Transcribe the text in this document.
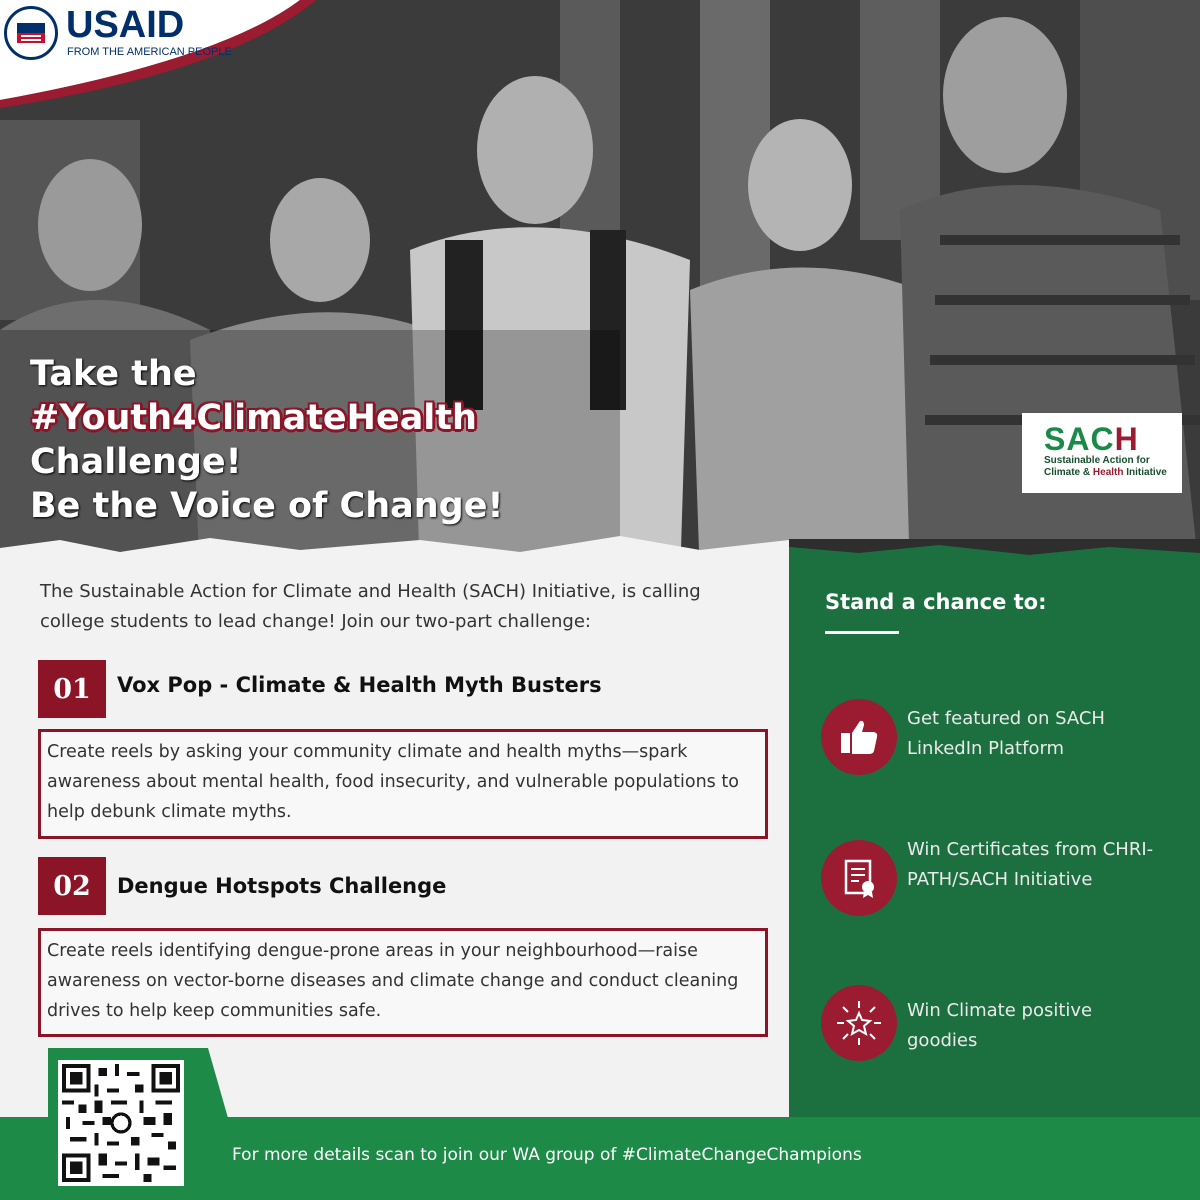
USAID
FROM THE AMERICAN PEOPLE
Take the
#Youth4ClimateHealth
Challenge!
Be the Voice of Change!
SACH
Sustainable Action for
Climate & Health Initiative
Stand a chance to:
Get featured on SACH LinkedIn Platform
Win Certificates from CHRI-PATH/SACH Initiative
Win Climate positive goodies
The Sustainable Action for Climate and Health (SACH) Initiative, is calling college students to lead change! Join our two-part challenge:
01	Vox Pop - Climate & Health Myth Busters
Create reels by asking your community climate and health myths—spark awareness about mental health, food insecurity, and vulnerable populations to help debunk climate myths.
02	Dengue Hotspots Challenge
Create reels identifying dengue-prone areas in your neighbourhood—raise awareness on vector-borne diseases and climate change and conduct cleaning drives to help keep communities safe.
For more details scan to join our WA group of #ClimateChangeChampions
